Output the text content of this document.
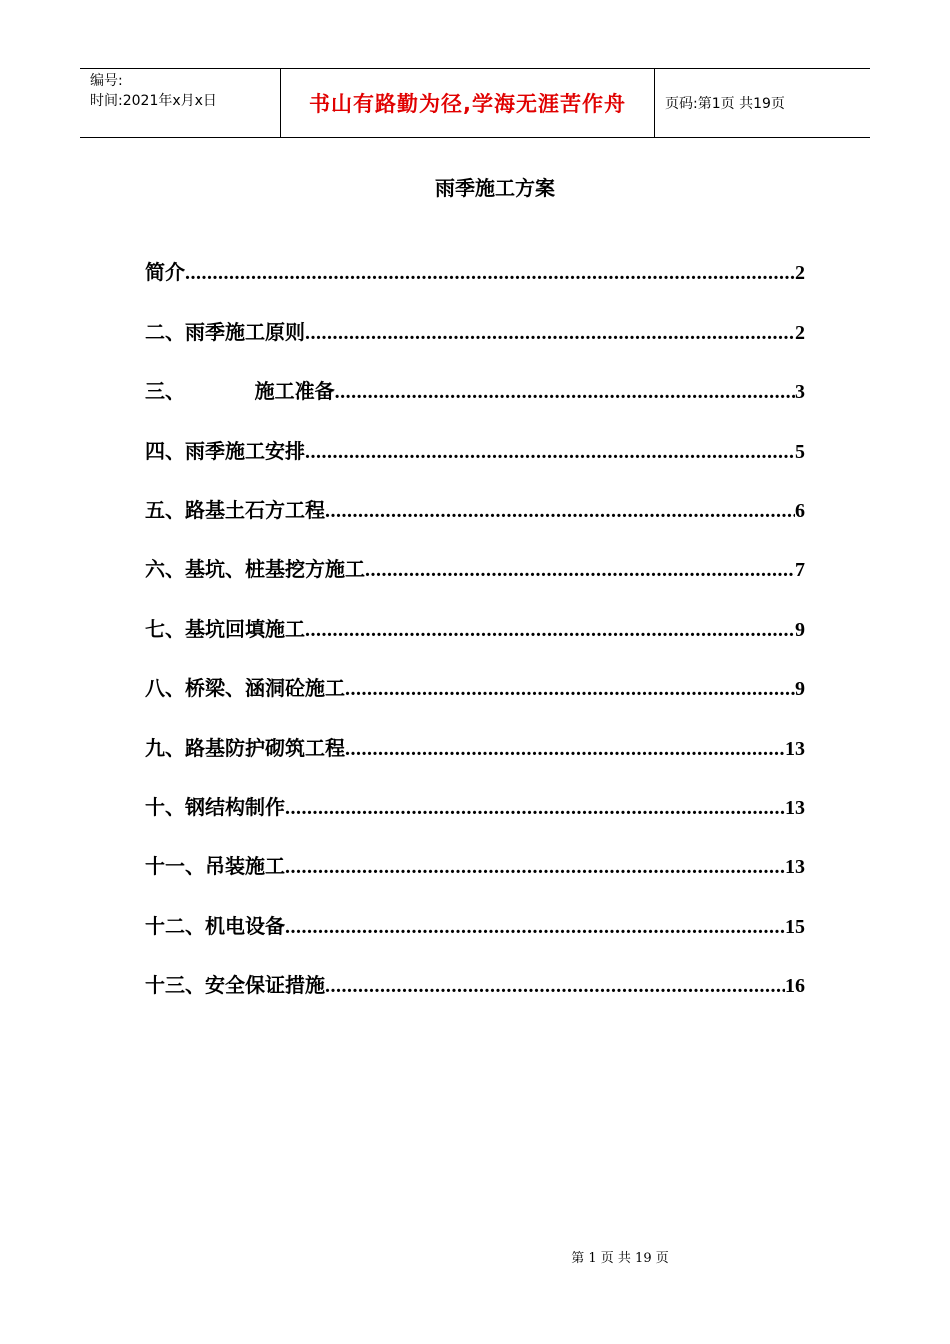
编号:
时间:2021年x月x日	书山有路勤为径,学海无涯苦作舟	页码:第1页 共19页
雨季施工方案
简介 .....	2
二、雨季施工原则 .....	2
三、          施工准备 .....	3
四、雨季施工安排 .....	5
五、路基土石方工程 .....	6
六、基坑、桩基挖方施工 .....	7
七、基坑回填施工 .....	9
八、桥梁、涵洞砼施工 .....	9
九、路基防护砌筑工程 .....	13
十、钢结构制作 .....	13
十一、吊装施工 .....	13
十二、机电设备 .....	15
十三、安全保证措施 .....	16
第 1 页 共 19 页
